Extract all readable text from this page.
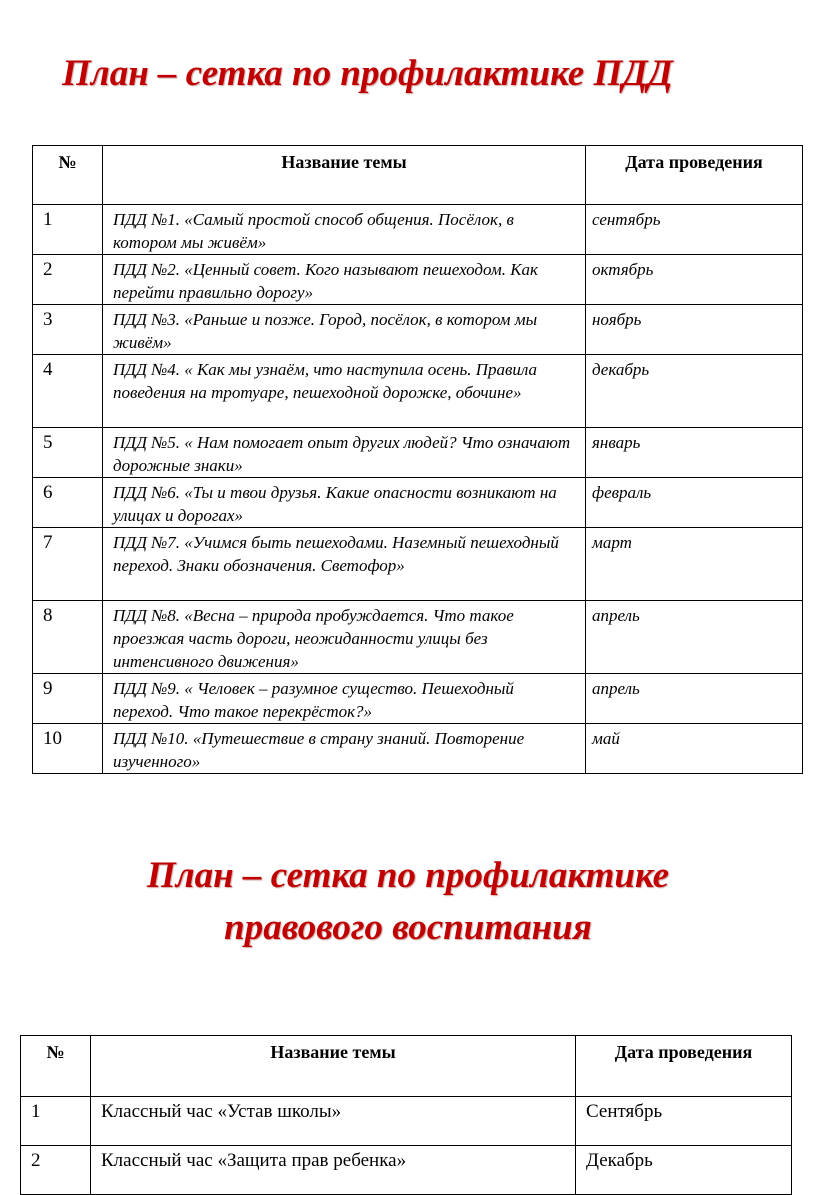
План – сетка по профилактике ПДД
№	Название темы	Дата проведения
1	ПДД №1. «Самый простой способ общения. Посёлок, в котором мы живём»	сентябрь
2	ПДД №2. «Ценный совет. Кого называют пешеходом. Как перейти правильно дорогу»	октябрь
3	ПДД №3. «Раньше и позже. Город, посёлок, в котором мы живём»	ноябрь
4	ПДД №4. « Как мы узнаём, что наступила осень. Правила поведения на тротуаре, пешеходной дорожке, обочине»	декабрь
5	ПДД №5. « Нам помогает опыт других людей? Что означают дорожные знаки»	январь
6	ПДД №6. «Ты и твои друзья. Какие опасности возникают на улицах и дорогах»	февраль
7	ПДД №7. «Учимся быть пешеходами. Наземный пешеходный переход. Знаки обозначения. Светофор»	март
8	ПДД №8. «Весна – природа пробуждается. Что такое проезжая часть дороги, неожиданности улицы без интенсивного движения»	апрель
9	ПДД №9. « Человек – разумное существо. Пешеходный переход. Что такое перекрёсток?»	апрель
10	ПДД №10. «Путешествие в страну знаний. Повторение изученного»	май
План – сетка по профилактике
правового воспитания
№	Название темы	Дата проведения
1	Классный час «Устав школы»	Сентябрь
2	Классный час «Защита прав ребенка»	Декабрь
